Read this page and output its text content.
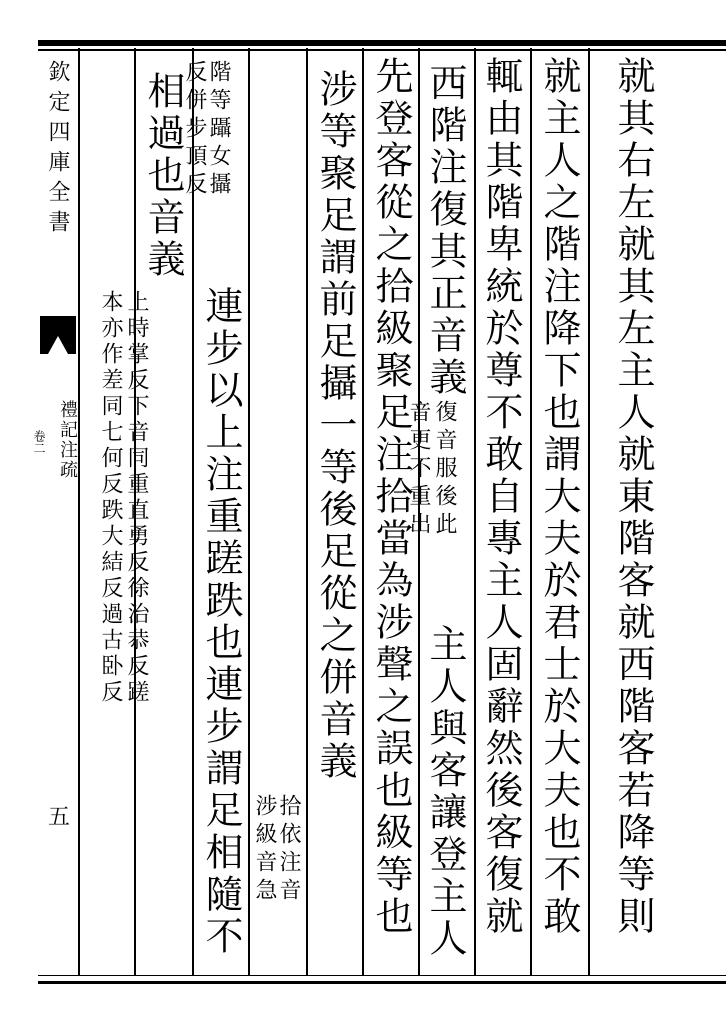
欽定四庫全書
禮記注疏
卷二
五	就其右左就其左主人就東階客就西階客若降等則
就主人之階注降下也謂大夫於君士於大夫也不敢
輒由其階卑統於尊不敢自專主人固辭然後客復就
西階注復其正音義
復音服後此
音更不重出
主人與客讓登主人
先登客從之拾級聚足注拾當為涉聲之誤也級等也
涉等聚足謂前足攝一等後足從之併音義
拾依注音
涉級音急
階等躡女攝
反併步頂反
連步以上注重蹉跌也連步謂足相隨不
相過也音義
上時掌反下音同重直勇反徐治恭反蹉
本亦作差同七何反跌大結反過古卧反
